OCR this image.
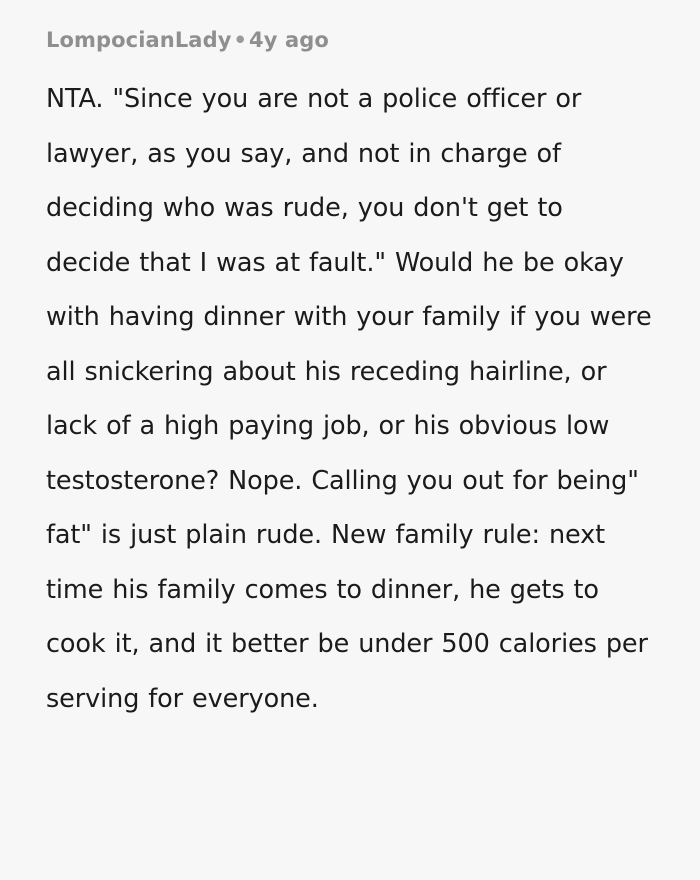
LompocianLady•4y ago
NTA. "Since you are not a police officer or lawyer, as you say, and not in charge of deciding who was rude, you don't get to decide that I was at fault." Would he be okay with having dinner with your family if you were all snickering about his receding hairline, or lack of a high paying job, or his obvious low testosterone? Nope. Calling you out for being" fat" is just plain rude. New family rule: next time his family comes to dinner, he gets to cook it, and it better be under 500 calories per serving for everyone.
